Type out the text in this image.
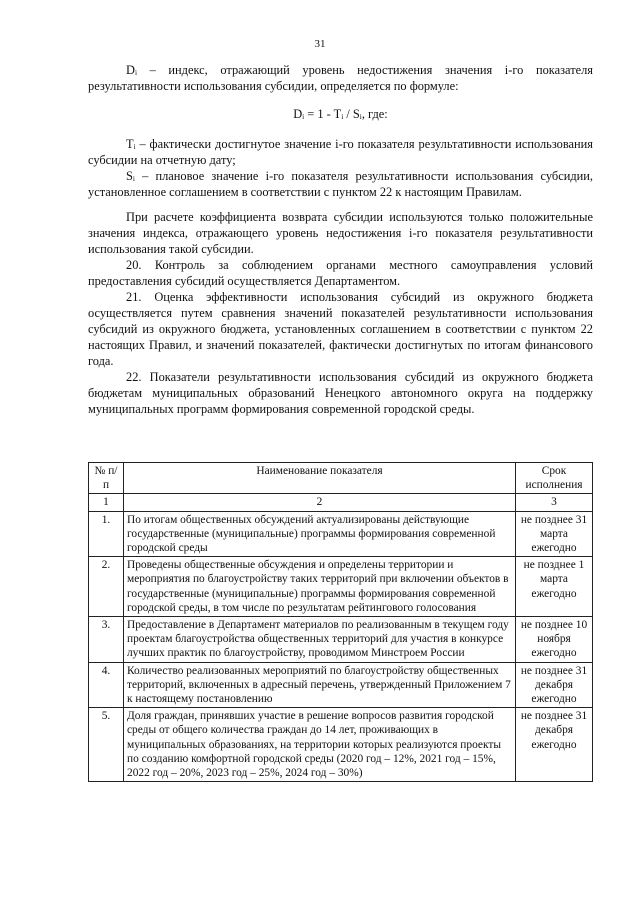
31

Dᵢ – индекс, отражающий уровень недостижения значения i-го показателя результативности использования субсидии, определяется по формуле:

Dᵢ = 1 - Tᵢ / Sᵢ, где:

Tᵢ – фактически достигнутое значение i-го показателя результативности использования субсидии на отчетную дату;

Sᵢ – плановое значение i-го показателя результативности использования субсидии, установленное соглашением в соответствии с пунктом 22 к настоящим Правилам.

При расчете коэффициента возврата субсидии используются только положительные значения индекса, отражающего уровень недостижения i-го показателя результативности использования такой субсидии.

20. Контроль за соблюдением органами местного самоуправления условий предоставления субсидий осуществляется Департаментом.

21. Оценка эффективности использования субсидий из окружного бюджета осуществляется путем сравнения значений показателей результативности использования субсидий из окружного бюджета, установленных соглашением в соответствии с пунктом 22 настоящих Правил, и значений показателей, фактически достигнутых по итогам финансового года.

22. Показатели результативности использования субсидий из окружного бюджета бюджетам муниципальных образований Ненецкого автономного округа на поддержку муниципальных программ формирования современной городской среды.

№ п/п	Наименование показателя	Срок исполнения
1	2	3
1.	По итогам общественных обсуждений актуализированы действующие государственные (муниципальные) программы формирования современной городской среды	не позднее 31 марта ежегодно
2.	Проведены общественные обсуждения и определены территории и мероприятия по благоустройству таких территорий при включении объектов в государственные (муниципальные) программы формирования современной городской среды, в том числе по результатам рейтингового голосования	не позднее 1 марта ежегодно
3.	Предоставление в Департамент материалов по реализованным в текущем году проектам благоустройства общественных территорий для участия в конкурсе лучших практик по благоустройству, проводимом Минстроем России	не позднее 10 ноября ежегодно
4.	Количество реализованных мероприятий по благоустройству общественных территорий, включенных в адресный перечень, утвержденный Приложением 7 к настоящему постановлению	не позднее 31 декабря ежегодно
5.	Доля граждан, принявших участие в решение вопросов развития городской среды от общего количества граждан до 14 лет, проживающих в муниципальных образованиях, на территории которых реализуются проекты по созданию комфортной городской среды (2020 год – 12%, 2021 год – 15%, 2022 год – 20%, 2023 год – 25%, 2024 год – 30%)	не позднее 31 декабря ежегодно
